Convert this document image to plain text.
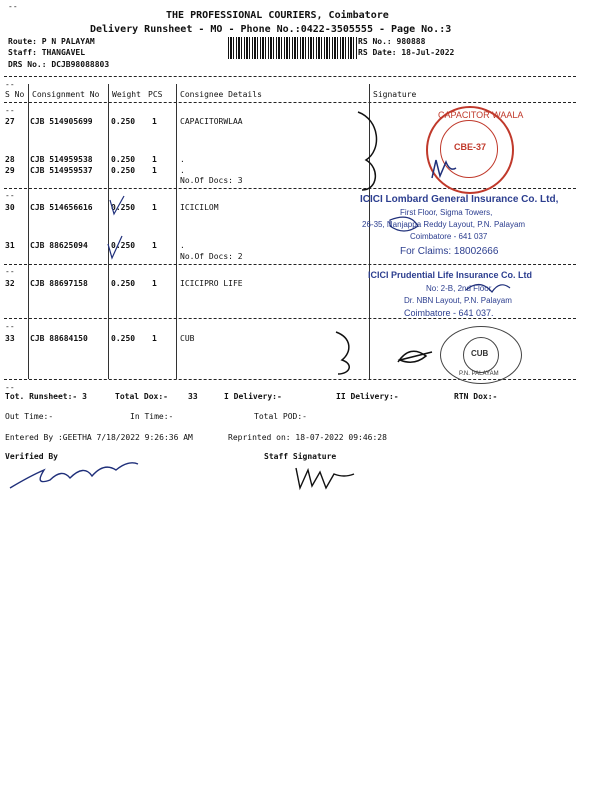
--
THE PROFESSIONAL COURIERS, Coimbatore
Delivery Runsheet - MO - Phone No.:0422-3505555 - Page No.:3
Route: P N PALAYAM
Staff: THANGAVEL
DRS No.: DCJB98088803
RS No.: 980888
RS Date: 18-Jul-2022
--
S No Consignment No Weight PCS Consignee Details	Signature
--
27 CJB 514905699 0.250 1	CAPACITORWLAA
28 CJB 514959538 0.250 1	.
29 CJB 514959537 0.250 1	.
No.Of Docs: 3
--
30 CJB 514656616 0.250 1	ICICILOM
31 CJB 88625094	0.250 1	.
No.Of Docs: 2
--
32 CJB 88697158	0.250 1	ICICIPRO LIFE
--
33 CJB 88684150	0.250 1	CUB
--
Tot. Runsheet:- 3	Total Dox:-	33	I Delivery:-	II Delivery:-	RTN Dox:-
Out Time:-	In Time:-	Total POD:-
Entered By :GEETHA 7/18/2022 9:26:36 AM	Reprinted on: 18-07-2022 09:46:28
Verified By	Staff Signature
CAPACITOR WAALA
CBE-37
ICICI Lombard General Insurance Co. Ltd,
First Floor, Sigma Towers,
26-35, Nanjappa Reddy Layout, P.N. Palayam
Coimbatore - 641 037
For Claims: 18002666
ICICI Prudential Life Insurance Co. Ltd
No: 2-B, 2nd Floor
Dr. NBN Layout, P.N. Palayam
Coimbatore - 641 037.
CUB
P.N. PALAYAM
